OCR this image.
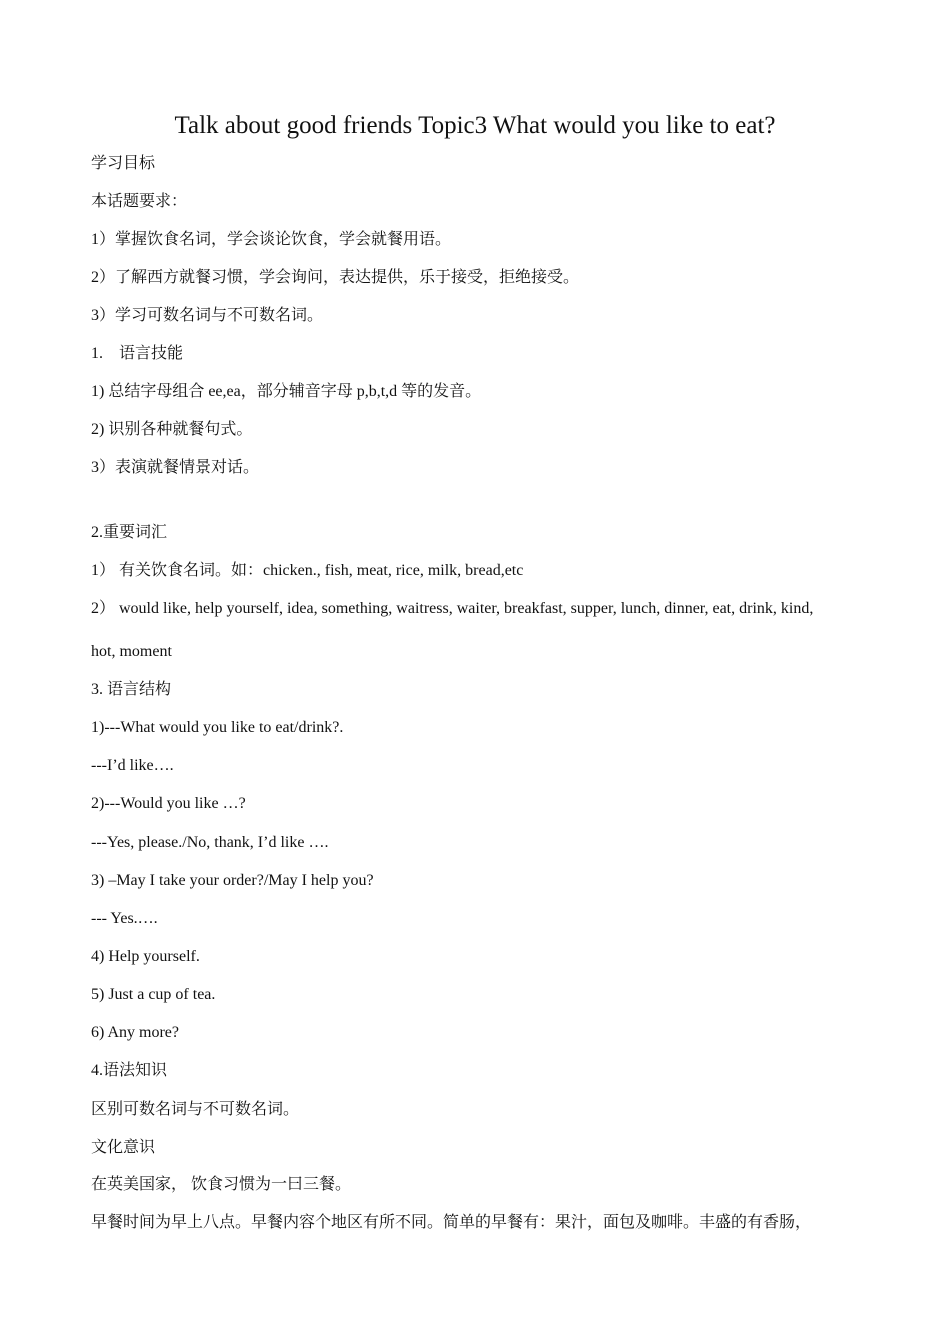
Talk about good friends Topic3 What would you like to eat?
学习目标
本话题要求：
1）掌握饮食名词，学会谈论饮食，学会就餐用语。
2）了解西方就餐习惯，学会询问，表达提供，乐于接受，拒绝接受。
3）学习可数名词与不可数名词。
1.　语言技能
1) 总结字母组合 ee,ea，部分辅音字母 p,b,t,d 等的发音。
2) 识别各种就餐句式。
3）表演就餐情景对话。
2.重要词汇
1） 有关饮食名词。如：chicken., fish, meat, rice, milk, bread,etc
2） would like, help yourself, idea, something, waitress, waiter, breakfast, supper, lunch, dinner, eat, drink, kind,
hot, moment
3. 语言结构
1)---What would you like to eat/drink?.
---I’d like….
2)---Would you like …?
---Yes, please./No, thank, I’d like ….
3) –May I take your order?/May I help you?
--- Yes.….
4) Help yourself.
5) Just a cup of tea.
6) Any more?
4.语法知识
区别可数名词与不可数名词。
文化意识
在英美国家， 饮食习惯为一曰三餐。
早餐时间为早上八点。早餐内容个地区有所不同。简单的早餐有：果汁，面包及咖啡。丰盛的有香肠，
